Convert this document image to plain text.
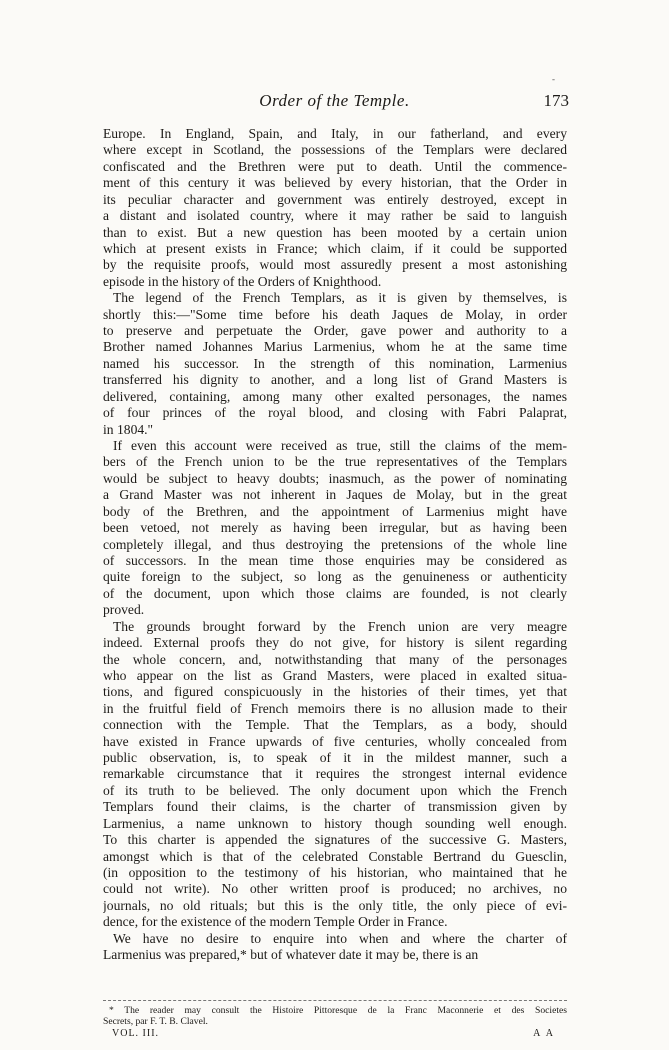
-
Order of the Temple.	173
Europe. In England, Spain, and Italy, in our fatherland, and every
where except in Scotland, the possessions of the Templars were declared
confiscated and the Brethren were put to death. Until the commence-
ment of this century it was believed by every historian, that the Order in
its peculiar character and government was entirely destroyed, except in
a distant and isolated country, where it may rather be said to languish
than to exist. But a new question has been mooted by a certain union
which at present exists in France; which claim, if it could be supported
by the requisite proofs, would most assuredly present a most astonishing
episode in the history of the Orders of Knighthood.
The legend of the French Templars, as it is given by themselves, is
shortly this:—"Some time before his death Jaques de Molay, in order
to preserve and perpetuate the Order, gave power and authority to a
Brother named Johannes Marius Larmenius, whom he at the same time
named his successor. In the strength of this nomination, Larmenius
transferred his dignity to another, and a long list of Grand Masters is
delivered, containing, among many other exalted personages, the names
of four princes of the royal blood, and closing with Fabri Palaprat,
in 1804."
If even this account were received as true, still the claims of the mem-
bers of the French union to be the true representatives of the Templars
would be subject to heavy doubts; inasmuch, as the power of nominating
a Grand Master was not inherent in Jaques de Molay, but in the great
body of the Brethren, and the appointment of Larmenius might have
been vetoed, not merely as having been irregular, but as having been
completely illegal, and thus destroying the pretensions of the whole line
of successors. In the mean time those enquiries may be considered as
quite foreign to the subject, so long as the genuineness or authenticity
of the document, upon which those claims are founded, is not clearly
proved.
The grounds brought forward by the French union are very meagre
indeed. External proofs they do not give, for history is silent regarding
the whole concern, and, notwithstanding that many of the personages
who appear on the list as Grand Masters, were placed in exalted situa-
tions, and figured conspicuously in the histories of their times, yet that
in the fruitful field of French memoirs there is no allusion made to their
connection with the Temple. That the Templars, as a body, should
have existed in France upwards of five centuries, wholly concealed from
public observation, is, to speak of it in the mildest manner, such a
remarkable circumstance that it requires the strongest internal evidence
of its truth to be believed. The only document upon which the French
Templars found their claims, is the charter of transmission given by
Larmenius, a name unknown to history though sounding well enough.
To this charter is appended the signatures of the successive G. Masters,
amongst which is that of the celebrated Constable Bertrand du Guesclin,
(in opposition to the testimony of his historian, who maintained that he
could not write). No other written proof is produced; no archives, no
journals, no old rituals; but this is the only title, the only piece of evi-
dence, for the existence of the modern Temple Order in France.
We have no desire to enquire into when and where the charter of
Larmenius was prepared,* but of whatever date it may be, there is an
* The reader may consult the Histoire Pittoresque de la Franc Maconnerie et des Societes
Secrets, par F. T. B. Clavel.
VOL. III.	A A
